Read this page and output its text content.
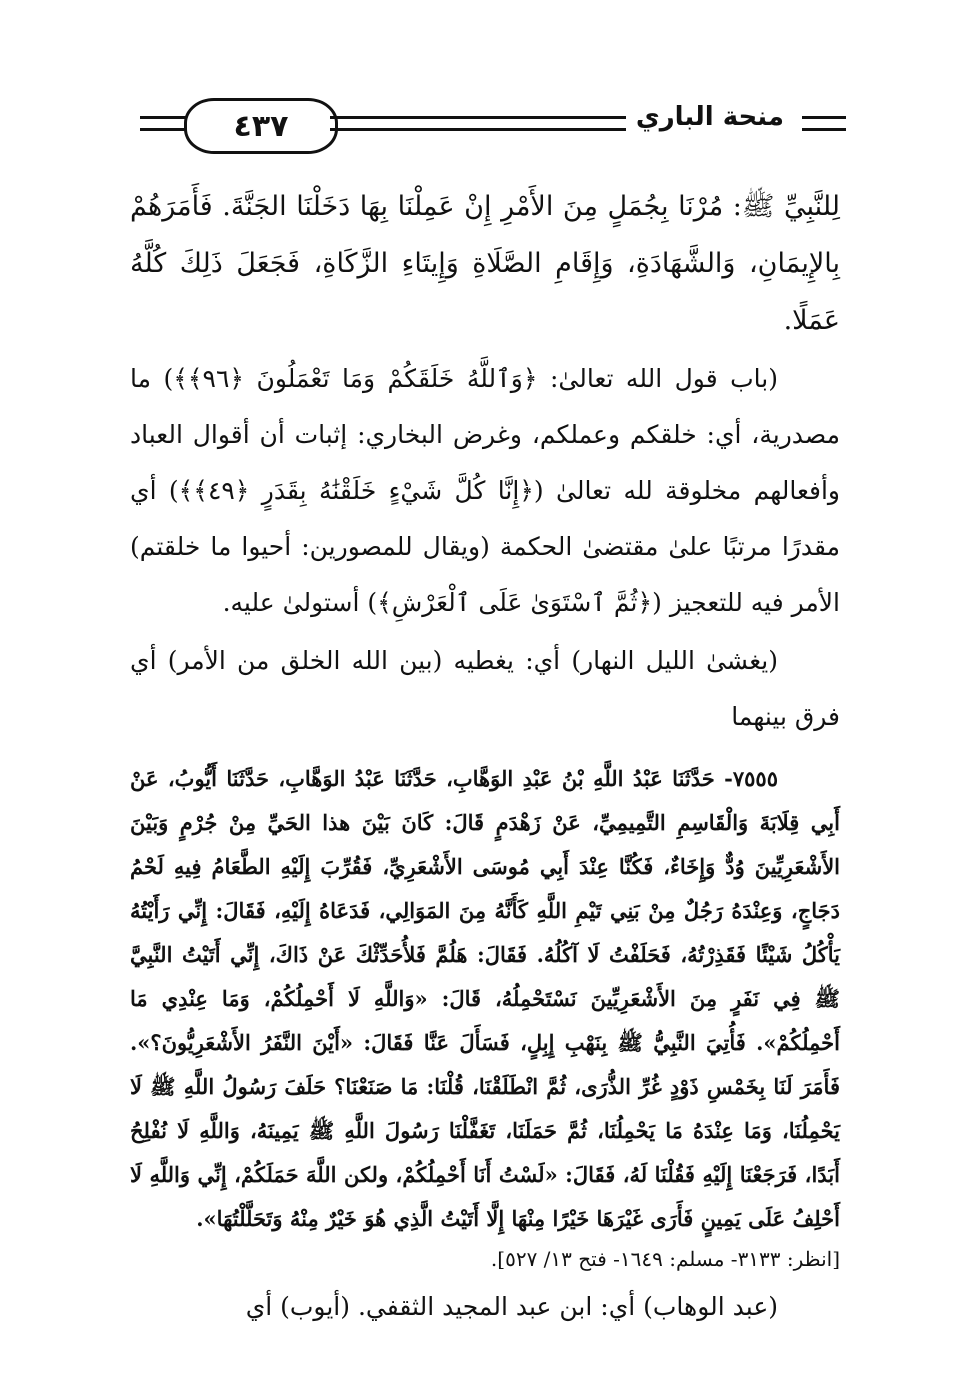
٤٣٧	منحة الباري

لِلنَّبِيِّ ﷺ: مُرْنَا بِجُمَلٍ مِنَ الأَمْرِ إِنْ عَمِلْنَا بِهَا دَخَلْنَا الجَنَّةَ. فَأَمَرَهُمْ بِالإِيمَانِ، وَالشَّهَادَةِ، وَإِقَامِ الصَّلَاةِ وَإِيتَاءِ الزَّكَاةِ، فَجَعَلَ ذَلِكَ كُلَّهُ عَمَلًا.

(باب قول الله تعالىٰ: ﴿وَٱللَّهُ خَلَقَكُمْ وَمَا تَعْمَلُونَ ﴿٩٦﴾﴾) ما مصدرية، أي: خلقكم وعملكم، وغرض البخاري: إثبات أن أقوال العباد وأفعالهم مخلوقة لله تعالىٰ (﴿إِنَّا كُلَّ شَيْءٍ خَلَقْنَٰهُ بِقَدَرٍ ﴿٤٩﴾﴾) أي مقدرًا مرتبًا علىٰ مقتضىٰ الحكمة (ويقال للمصورين: أحيوا ما خلقتم) الأمر فيه للتعجيز (﴿ثُمَّ ٱسْتَوَىٰ عَلَى ٱلْعَرْشِ﴾) أستولىٰ عليه.

(يغشىٰ الليل النهار) أي: يغطيه (بين الله الخلق من الأمر) أي فرق بينهما

٧٥٥٥- حَدَّثَنَا عَبْدُ اللَّهِ بْنُ عَبْدِ الوَهَّابِ، حَدَّثَنَا عَبْدُ الوَهَّابِ، حَدَّثَنَا أَيُّوبُ، عَنْ أَبِي قِلَابَةَ وَالْقَاسِمِ التَّمِيمِيِّ، عَنْ زَهْدَمٍ قَالَ: كَانَ بَيْنَ هذا الحَيِّ مِنْ جُرْمٍ وَبَيْنَ الأَشْعَرِيِّينَ وُدٌّ وَإِخَاءٌ، فَكُنَّا عِنْدَ أَبِي مُوسَى الأَشْعَرِيِّ، فَقُرِّبَ إِلَيْهِ الطَّعَامُ فِيهِ لَحْمُ دَجَاجٍ، وَعِنْدَهُ رَجُلٌ مِنْ بَنِي تَيْمِ اللَّهِ كَأَنَّهُ مِنَ المَوَالِي، فَدَعَاهُ إِلَيْهِ، فَقَالَ: إِنِّي رَأَيْتُهُ يَأْكُلُ شَيْئًا فَقَذِرْتُهُ، فَحَلَفْتُ لَا آكُلُهُ. فَقَالَ: هَلُمَّ فَلأُحَدِّثْكَ عَنْ ذَاكَ، إِنِّي أَتَيْتُ النَّبِيَّ ﷺ فِي نَفَرٍ مِنَ الأَشْعَرِيِّينَ نَسْتَحْمِلُهُ، قَالَ: «وَاللَّهِ لَا أَحْمِلُكُمْ، وَمَا عِنْدِي مَا أَحْمِلُكُمْ». فَأُتِيَ النَّبِيُّ ﷺ بِنَهْبِ إِبِلٍ، فَسَأَلَ عَنَّا فَقَالَ: «أَيْنَ النَّفَرُ الأَشْعَرِيُّونَ؟». فَأَمَرَ لَنَا بِخَمْسِ ذَوْدٍ غُرِّ الذُّرَى، ثُمَّ انْطَلَقْنَا، قُلْنَا: مَا صَنَعْنَا؟ حَلَفَ رَسُولُ اللَّهِ ﷺ لَا يَحْمِلُنَا، وَمَا عِنْدَهُ مَا يَحْمِلُنَا، ثُمَّ حَمَلَنَا، تَغَفَّلْنَا رَسُولَ اللَّهِ ﷺ يَمِينَهُ، وَاللَّهِ لَا نُفْلِحُ أَبَدًا، فَرَجَعْنَا إِلَيْهِ فَقُلْنَا لَهُ، فَقَالَ: «لَسْتُ أَنَا أَحْمِلُكُمْ، ولكن اللَّهَ حَمَلَكُمْ، إِنِّي وَاللَّهِ لَا أَحْلِفُ عَلَى يَمِينٍ فَأَرَى غَيْرَهَا خَيْرًا مِنْهَا إِلَّا أَتَيْتُ الَّذِي هُوَ خَيْرٌ مِنْهُ وَتَحَلَّلْتُهَا».

[انظر: ٣١٣٣- مسلم: ١٦٤٩- فتح ١٣/ ٥٢٧].

(عبد الوهاب) أي: ابن عبد المجيد الثقفي. (أيوب) أي
